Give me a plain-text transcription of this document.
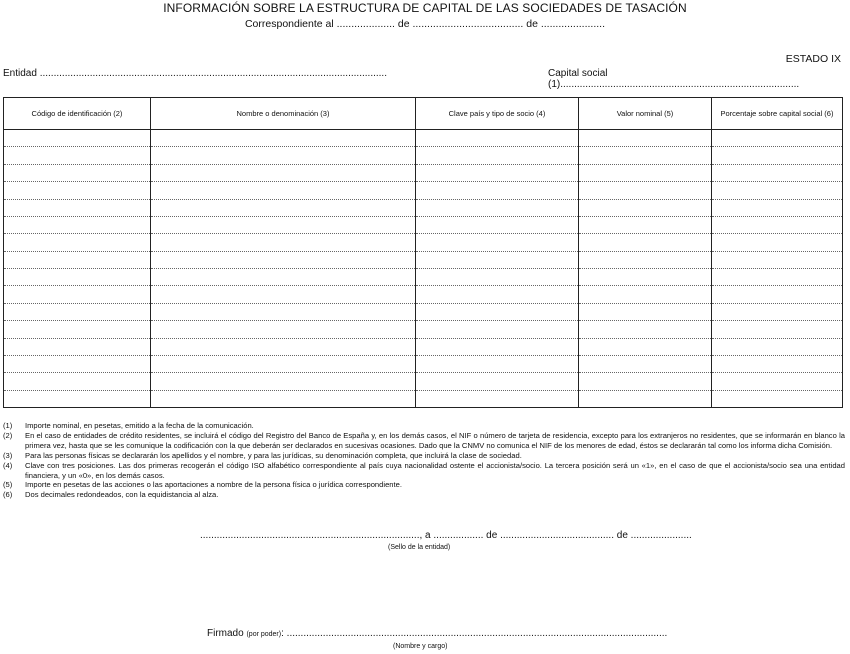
INFORMACIÓN SOBRE LA ESTRUCTURA DE CAPITAL DE LAS SOCIEDADES DE TASACIÓN
Correspondiente al .................... de ...................................... de ......................
ESTADO IX
Entidad .............................................................................................................................	Capital social (1)......................................................................................
Código de identificación (2)	Nombre o denominación (3)	Clave país y tipo de socio (4)	Valor nominal (5)	Porcentaje sobre capital social (6)

(1)	Importe nominal, en pesetas, emitido a la fecha de la comunicación.
(2)	En el caso de entidades de crédito residentes, se incluirá el código del Registro del Banco de España y, en los demás casos, el NIF o número de tarjeta de residencia, excepto para los extranjeros no residentes, que se informarán en blanco la primera vez, hasta que se les comunique la codificación con la que deberán ser declarados en sucesivas ocasiones. Dado que la CNMV no comunica el NIF de los menores de edad, éstos se declararán tal como los informa dicha Comisión.
(3)	Para las personas físicas se declararán los apellidos y el nombre, y para las jurídicas, su denominación completa, que incluirá la clase de sociedad.
(4)	Clave con tres posiciones. Las dos primeras recogerán el código ISO alfabético correspondiente al país cuya nacionalidad ostente el accionista/socio. La tercera posición será un «1», en el caso de que el accionista/socio sea una entidad financiera, y un «0», en los demás casos.
(5)	Importe en pesetas de las acciones o las aportaciones a nombre de la persona física o jurídica correspondiente.
(6)	Dos decimales redondeados, con la equidistancia al alza.
..............................................................................., a .................. de ......................................... de ......................
(Sello de la entidad)
Firmado (por poder): .........................................................................................................................................
(Nombre y cargo)
